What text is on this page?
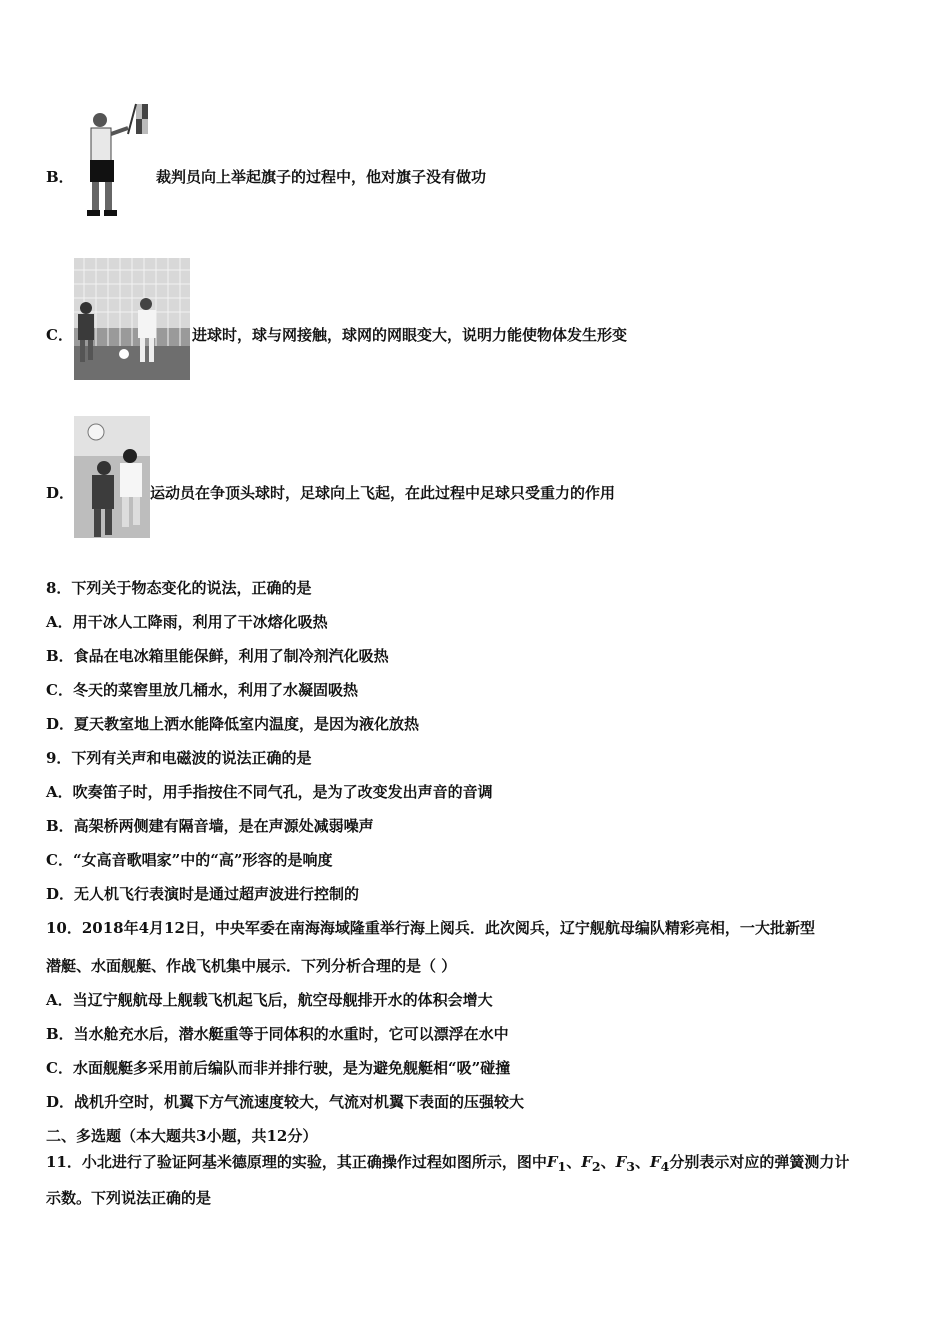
B．	裁判员向上举起旗子的过程中，他对旗子没有做功
C．	进球时，球与网接触，球网的网眼变大，说明力能使物体发生形变
D．	运动员在争顶头球时，足球向上飞起，在此过程中足球只受重力的作用
8．下列关于物态变化的说法，正确的是
A．用干冰人工降雨，利用了干冰熔化吸热
B．食品在电冰箱里能保鲜，利用了制冷剂汽化吸热
C．冬天的菜窖里放几桶水，利用了水凝固吸热
D．夏天教室地上洒水能降低室内温度，是因为液化放热
9．下列有关声和电磁波的说法正确的是
A．吹奏笛子时，用手指按住不同气孔，是为了改变发出声音的音调
B．高架桥两侧建有隔音墙，是在声源处减弱噪声
C．“女高音歌唱家”中的“高”形容的是响度
D．无人机飞行表演时是通过超声波进行控制的
10．2018年4月12日，中央军委在南海海域隆重举行海上阅兵．此次阅兵，辽宁舰航母编队精彩亮相，一大批新型
潜艇、水面舰艇、作战飞机集中展示．下列分析合理的是（ ）
A．当辽宁舰航母上舰载飞机起飞后，航空母舰排开水的体积会增大
B．当水舱充水后，潜水艇重等于同体积的水重时，它可以漂浮在水中
C．水面舰艇多采用前后编队而非并排行驶，是为避免舰艇相“吸”碰撞
D．战机升空时，机翼下方气流速度较大，气流对机翼下表面的压强较大
二、多选题（本大题共3小题，共12分）
11．小北进行了验证阿基米德原理的实验，其正确操作过程如图所示，图中$F_1$、$F_2$、$F_3$、$F_4$分别表示对应的弹簧测力计
示数。下列说法正确的是
